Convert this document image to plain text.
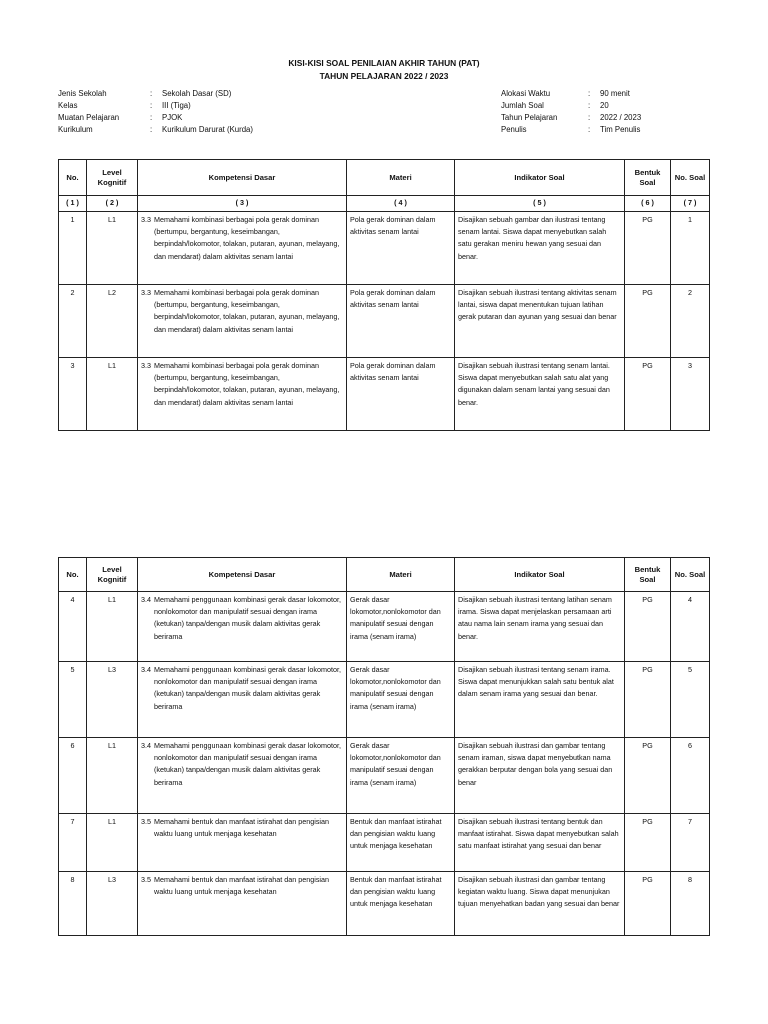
KISI-KISI SOAL PENILAIAN AKHIR TAHUN (PAT)
TAHUN PELAJARAN 2022 / 2023
Jenis Sekolah	:	Sekolah Dasar (SD)
Kelas	:	III (Tiga)
Muatan Pelajaran	:	PJOK
Kurikulum	:	Kurikulum Darurat (Kurda)
Alokasi Waktu	:	90 menit
Jumlah Soal	:	20
Tahun Pelajaran	:	2022 / 2023
Penulis	:	Tim Penulis
No.	Level Kognitif	Kompetensi Dasar	Materi	Indikator Soal	Bentuk Soal	No. Soal
( 1 )	( 2 )	( 3 )	( 4 )	( 5 )	( 6 )	( 7 )
1	L1	3.3 Memahami kombinasi berbagai pola gerak dominan (bertumpu, bergantung, keseimbangan, berpindah/lokomotor, tolakan, putaran, ayunan, melayang, dan mendarat) dalam aktivitas senam lantai	Pola gerak dominan dalam aktivitas senam lantai	Disajikan sebuah gambar dan ilustrasi tentang senam lantai. Siswa dapat menyebutkan salah satu gerakan meniru hewan yang sesuai dan benar.	PG	1
2	L2	3.3 Memahami kombinasi berbagai pola gerak dominan (bertumpu, bergantung, keseimbangan, berpindah/lokomotor, tolakan, putaran, ayunan, melayang, dan mendarat) dalam aktivitas senam lantai	Pola gerak dominan dalam aktivitas senam lantai	Disajikan sebuah ilustrasi tentang aktivitas senam lantai, siswa dapat menentukan tujuan latihan gerak putaran dan ayunan yang sesuai dan benar	PG	2
3	L1	3.3 Memahami kombinasi berbagai pola gerak dominan (bertumpu, bergantung, keseimbangan, berpindah/lokomotor, tolakan, putaran, ayunan, melayang, dan mendarat) dalam aktivitas senam lantai	Pola gerak dominan dalam aktivitas senam lantai	Disajikan sebuah ilustrasi tentang senam lantai. Siswa dapat menyebutkan salah satu alat yang digunakan dalam senam lantai yang sesuai dan benar.	PG	3
No.	Level Kognitif	Kompetensi Dasar	Materi	Indikator Soal	Bentuk Soal	No. Soal
4	L1	3.4 Memahami penggunaan kombinasi gerak dasar lokomotor, nonlokomotor dan manipulatif sesuai dengan irama (ketukan) tanpa/dengan musik dalam aktivitas gerak berirama	Gerak dasar lokomotor,nonlokomotor dan manipulatif sesuai dengan irama (senam irama)	Disajikan sebuah ilustrasi tentang latihan senam irama. Siswa dapat menjelaskan persamaan arti atau nama lain senam irama yang sesuai dan benar.	PG	4
5	L3	3.4 Memahami penggunaan kombinasi gerak dasar lokomotor, nonlokomotor dan manipulatif sesuai dengan irama (ketukan) tanpa/dengan musik dalam aktivitas gerak berirama	Gerak dasar lokomotor,nonlokomotor dan manipulatif sesuai dengan irama (senam irama)	Disajikan sebuah ilustrasi tentang senam irama. Siswa dapat menunjukkan salah satu bentuk alat dalam senam irama yang sesuai dan benar.	PG	5
6	L1	3.4 Memahami penggunaan kombinasi gerak dasar lokomotor, nonlokomotor dan manipulatif sesuai dengan irama (ketukan) tanpa/dengan musik dalam aktivitas gerak berirama	Gerak dasar lokomotor,nonlokomotor dan manipulatif sesuai dengan irama (senam irama)	Disajikan sebuah ilustrasi dan gambar tentang senam iraman, siswa dapat menyebutkan nama gerakkan berputar dengan bola yang sesuai dan benar	PG	6
7	L1	3.5 Memahami bentuk dan manfaat istirahat dan pengisian waktu luang untuk menjaga kesehatan	Bentuk dan manfaat istirahat dan pengisian waktu luang untuk menjaga kesehatan	Disajikan sebuah ilustrasi tentang bentuk dan manfaat istirahat. Siswa dapat menyebutkan salah satu manfaat istirahat yang sesuai dan benar	PG	7
8	L3	3.5 Memahami bentuk dan manfaat istirahat dan pengisian waktu luang untuk menjaga kesehatan	Bentuk dan manfaat istirahat dan pengisian waktu luang untuk menjaga kesehatan	Disajikan sebuah ilustrasi dan gambar tentang kegiatan waktu luang. Siswa dapat menunjukan tujuan menyehatkan badan yang sesuai dan benar	PG	8
